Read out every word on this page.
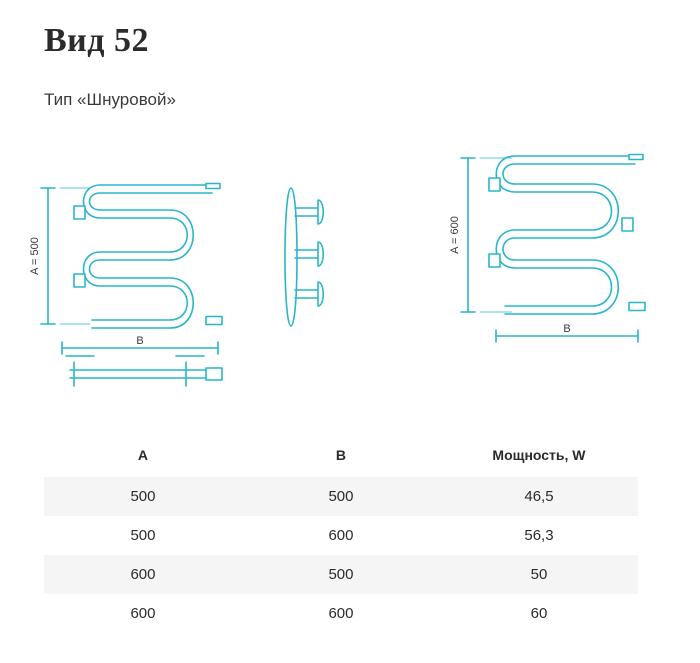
Вид 52
Тип «Шнуровой»
A = 500
B
A = 600
B
A	B	Мощность, W
500	500	46,5
500	600	56,3
600	500	50
600	600	60
